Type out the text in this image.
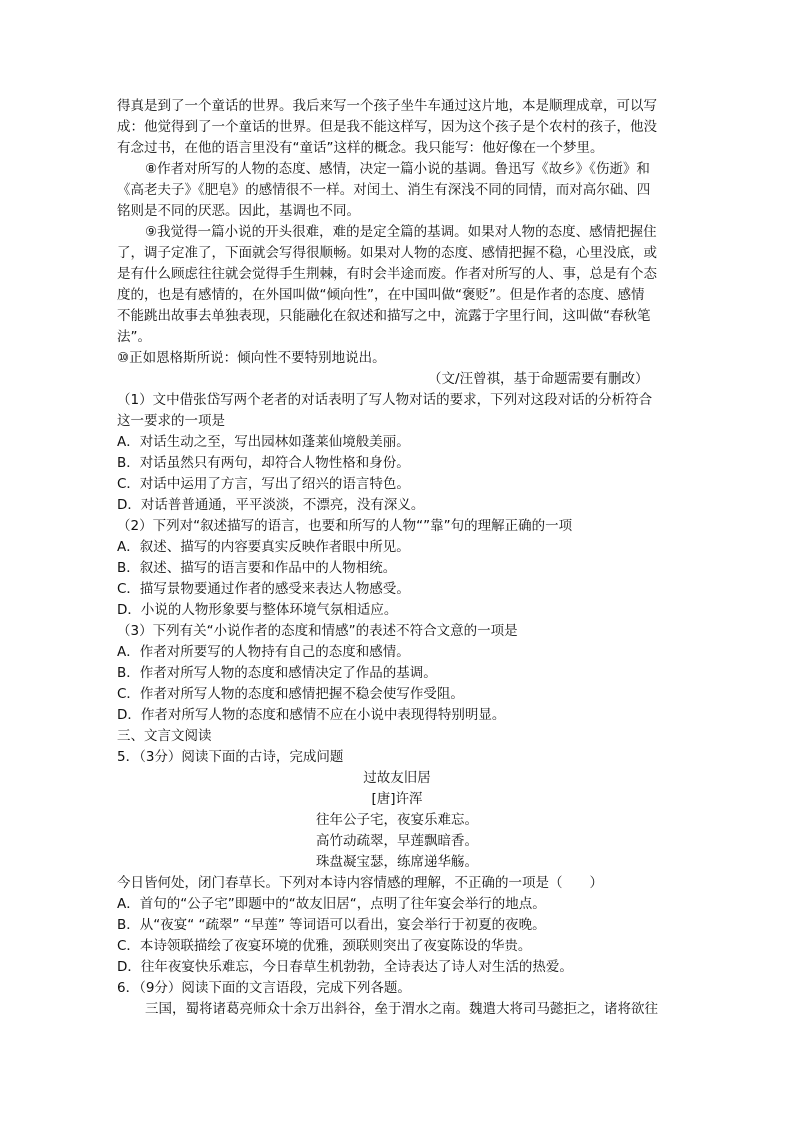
得真是到了一个童话的世界。我后来写一个孩子坐牛车通过这片地，本是顺理成章，可以写
成：他觉得到了一个童话的世界。但是我不能这样写，因为这个孩子是个农村的孩子，他没
有念过书，在他的语言里没有“童话”这样的概念。我只能写：他好像在一个梦里。
⑧作者对所写的人物的态度、感情，决定一篇小说的基调。鲁迅写《故乡》《伤逝》和
《高老夫子》《肥皂》的感情很不一样。对闰土、消生有深浅不同的同情，而对高尔础、四
铭则是不同的厌恶。因此，基调也不同。
⑨我觉得一篇小说的开头很难，难的是定全篇的基调。如果对人物的态度、感情把握住
了，调子定准了，下面就会写得很顺畅。如果对人物的态度、感情把握不稳，心里没底，或
是有什么顾虑往往就会觉得手生荆棘，有时会半途而废。作者对所写的人、事，总是有个态
度的，也是有感情的，在外国叫做“倾向性”，在中国叫做“褒贬”。但是作者的态度、感情
不能跳出故事去单独表现，只能融化在叙述和描写之中，流露于字里行间，这叫做“春秋笔
法”。
⑩正如恩格斯所说：倾向性不要特别地说出。
（文/汪曾祺，基于命题需要有删改）
（1）文中借张岱写两个老者的对话表明了写人物对话的要求，下列对这段对话的分析符合
这一要求的一项是
A．对话生动之至，写出园林如蓬莱仙境般美丽。
B．对话虽然只有两句，却符合人物性格和身份。
C．对话中运用了方言，写出了绍兴的语言特色。
D．对话普普通通，平平淡淡，不漂亮，没有深义。
（2）下列对“叙述描写的语言，也要和所写的人物“”靠”句的理解正确的一项
A．叙述、描写的内容要真实反映作者眼中所见。
B．叙述、描写的语言要和作品中的人物相统。
C．描写景物要通过作者的感受来表达人物感受。
D．小说的人物形象要与整体环境气氛相适应。
（3）下列有关“小说作者的态度和情感”的表述不符合文意的一项是
A．作者对所要写的人物持有自己的态度和感情。
B．作者对所写人物的态度和感情决定了作品的基调。
C．作者对所写人物的态度和感情把握不稳会使写作受阻。
D．作者对所写人物的态度和感情不应在小说中表现得特别明显。
三、文言文阅读
5．（3分）阅读下面的古诗，完成问题
过故友旧居
[唐]许浑
往年公子宅，夜宴乐难忘。
高竹动疏翠，早莲飘暗香。
珠盘凝宝瑟，练席递华觞。
今日皆何处，闭门春草长。下列对本诗内容情感的理解，不正确的一项是（　　）
A．首句的“公子宅”即题中的“故友旧居“，点明了往年宴会举行的地点。
B．从“夜宴“ “疏翠” “早莲” 等词语可以看出，宴会举行于初夏的夜晚。
C．本诗领联描绘了夜宴环境的优雅，颈联则突出了夜宴陈设的华贵。
D．往年夜宴快乐难忘，今日春草生机勃勃，全诗表达了诗人对生活的热爱。
6．（9分）阅读下面的文言语段，完成下列各题。
三国，蜀将诸葛亮师众十余万出斜谷，垒于渭水之南。魏遣大将司马懿拒之，诸将欲往
